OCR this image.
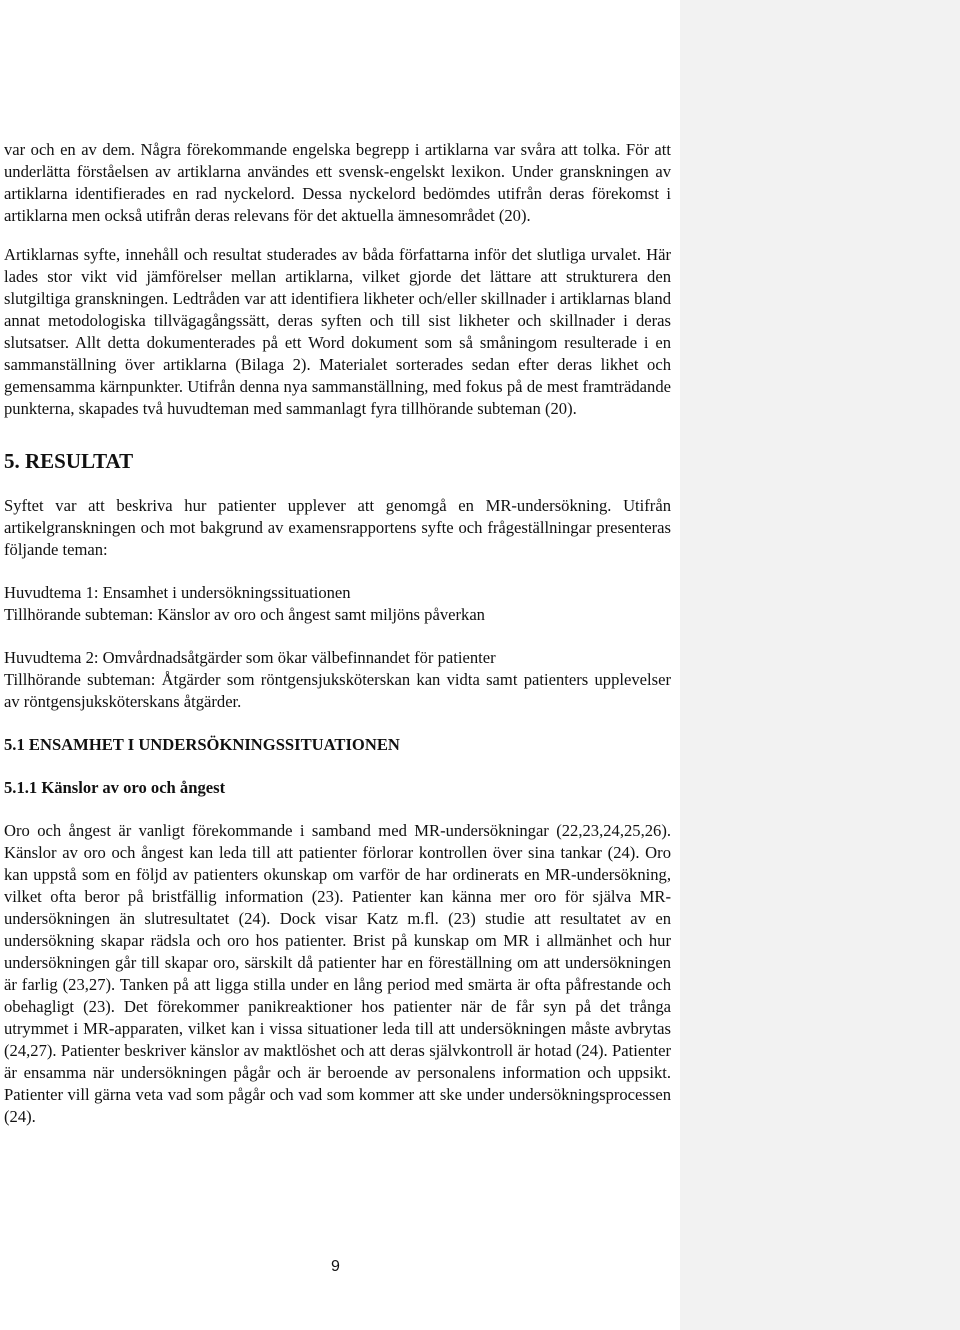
var och en av dem. Några förekommande engelska begrepp i artiklarna var svåra att tolka. För att underlätta förståelsen av artiklarna användes ett svensk-engelskt lexikon. Under granskningen av artiklarna identifierades en rad nyckelord. Dessa nyckelord bedömdes utifrån deras förekomst i artiklarna men också utifrån deras relevans för det aktuella ämnesområdet (20).

Artiklarnas syfte, innehåll och resultat studerades av båda författarna inför det slutliga urvalet. Här lades stor vikt vid jämförelser mellan artiklarna, vilket gjorde det lättare att strukturera den slutgiltiga granskningen. Ledtråden var att identifiera likheter och/eller skillnader i artiklarnas bland annat metodologiska tillvägagångssätt, deras syften och till sist likheter och skillnader i deras slutsatser. Allt detta dokumenterades på ett Word dokument som så småningom resulterade i en sammanställning över artiklarna (Bilaga 2). Materialet sorterades sedan efter deras likhet och gemensamma kärnpunkter. Utifrån denna nya sammanställning, med fokus på de mest framträdande punkterna, skapades två huvudteman med sammanlagt fyra tillhörande subteman (20).

5. RESULTAT

Syftet var att beskriva hur patienter upplever att genomgå en MR-undersökning. Utifrån artikelgranskningen och mot bakgrund av examensrapportens syfte och frågeställningar presenteras följande teman:

Huvudtema 1: Ensamhet i undersökningssituationen
Tillhörande subteman: Känslor av oro och ångest samt miljöns påverkan
Huvudtema 2: Omvårdnadsåtgärder som ökar välbefinnandet för patienter

Tillhörande subteman: Åtgärder som röntgensjuksköterskan kan vidta samt patienters upplevelser av röntgensjuksköterskans åtgärder.

5.1 ENSAMHET I UNDERSÖKNINGSSITUATIONEN
5.1.1 Känslor av oro och ångest

Oro och ångest är vanligt förekommande i samband med MR-undersökningar (22,23,24,25,26). Känslor av oro och ångest kan leda till att patienter förlorar kontrollen över sina tankar (24). Oro kan uppstå som en följd av patienters okunskap om varför de har ordinerats en MR-undersökning, vilket ofta beror på bristfällig information (23). Patienter kan känna mer oro för själva MR-undersökningen än slutresultatet (24). Dock visar Katz m.fl. (23) studie att resultatet av en undersökning skapar rädsla och oro hos patienter. Brist på kunskap om MR i allmänhet och hur undersökningen går till skapar oro, särskilt då patienter har en föreställning om att undersökningen är farlig (23,27). Tanken på att ligga stilla under en lång period med smärta är ofta påfrestande och obehagligt (23). Det förekommer panikreaktioner hos patienter när de får syn på det trånga utrymmet i MR-apparaten, vilket kan i vissa situationer leda till att undersökningen måste avbrytas (24,27). Patienter beskriver känslor av maktlöshet och att deras självkontroll är hotad (24). Patienter är ensamma när undersökningen pågår och är beroende av personalens information och uppsikt. Patienter vill gärna veta vad som pågår och vad som kommer att ske under undersökningsprocessen (24).

9
